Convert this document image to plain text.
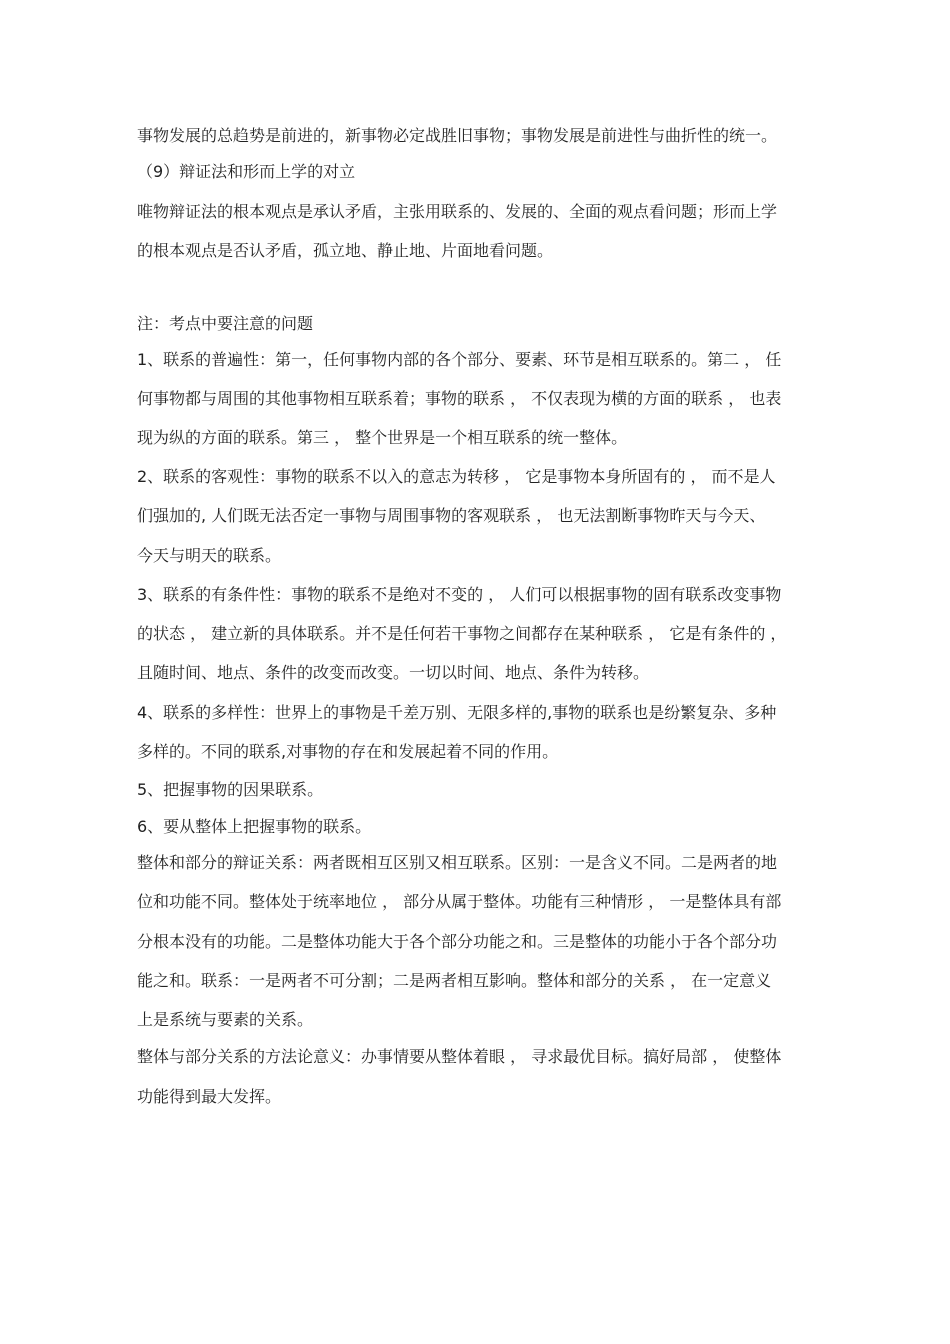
事物发展的总趋势是前进的，新事物必定战胜旧事物；事物发展是前进性与曲折性的统一。
（9）辩证法和形而上学的对立
唯物辩证法的根本观点是承认矛盾，主张用联系的、发展的、全面的观点看问题；形而上学
的根本观点是否认矛盾，孤立地、静止地、片面地看问题。
注：考点中要注意的问题
1、联系的普遍性：第一，任何事物内部的各个部分、要素、环节是相互联系的。第二 ， 任
何事物都与周围的其他事物相互联系着；事物的联系 ， 不仅表现为横的方面的联系 ， 也表
现为纵的方面的联系。第三 ， 整个世界是一个相互联系的统一整体。
2、联系的客观性：事物的联系不以入的意志为转移 ， 它是事物本身所固有的 ， 而不是人
们强加的, 人们既无法否定一事物与周围事物的客观联系 ， 也无法割断事物昨天与今天、
今天与明天的联系。
3、联系的有条件性：事物的联系不是绝对不变的 ， 人们可以根据事物的固有联系改变事物
的状态 ， 建立新的具体联系。并不是任何若干事物之间都存在某种联系 ， 它是有条件的 ，
且随时间、地点、条件的改变而改变。一切以时间、地点、条件为转移。
4、联系的多样性：世界上的事物是千差万别、无限多样的,事物的联系也是纷繁复杂、多种
多样的。不同的联系,对事物的存在和发展起着不同的作用。
5、把握事物的因果联系。
6、要从整体上把握事物的联系。
整体和部分的辩证关系：两者既相互区别又相互联系。区别：一是含义不同。二是两者的地
位和功能不同。整体处于统率地位 ， 部分从属于整体。功能有三种情形 ， 一是整体具有部
分根本没有的功能。二是整体功能大于各个部分功能之和。三是整体的功能小于各个部分功
能之和。联系：一是两者不可分割；二是两者相互影响。整体和部分的关系 ， 在一定意义
上是系统与要素的关系。
整体与部分关系的方法论意义：办事情要从整体着眼 ， 寻求最优目标。搞好局部 ， 使整体
功能得到最大发挥。
